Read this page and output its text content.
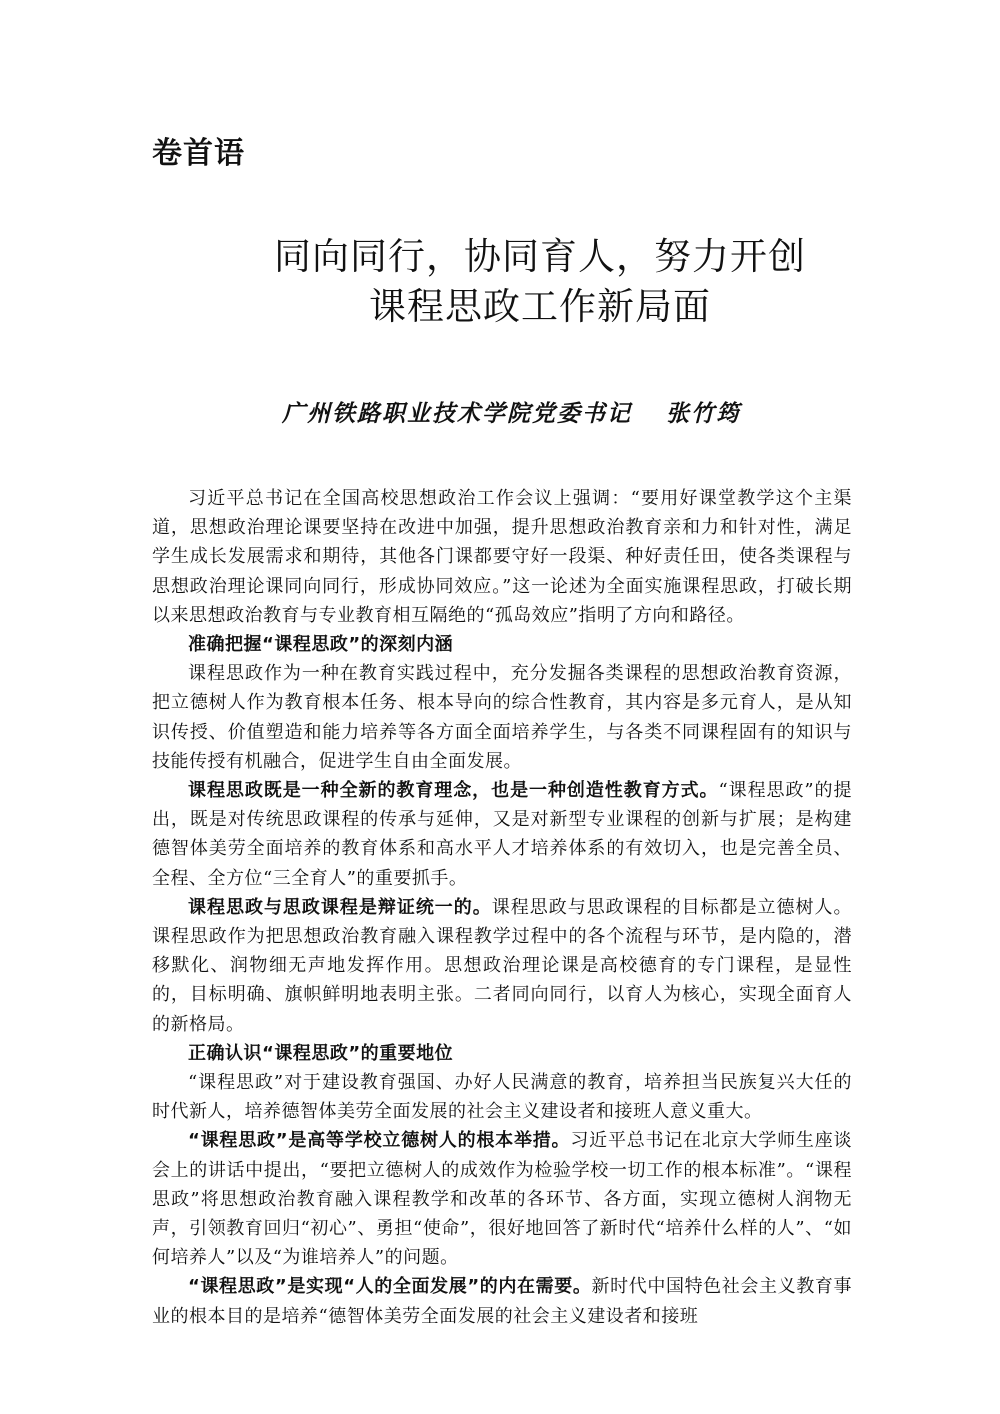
卷首语
同向同行，协同育人，努力开创
课程思政工作新局面
广州铁路职业技术学院党委书记 张竹筠

习近平总书记在全国高校思想政治工作会议上强调：“要用好课堂教学这个主渠道，思想政治理论课要坚持在改进中加强，提升思想政治教育亲和力和针对性，满足学生成长发展需求和期待，其他各门课都要守好一段渠、种好责任田，使各类课程与思想政治理论课同向同行，形成协同效应。”这一论述为全面实施课程思政，打破长期以来思想政治教育与专业教育相互隔绝的“孤岛效应”指明了方向和路径。

准确把握“课程思政”的深刻内涵

课程思政作为一种在教育实践过程中，充分发掘各类课程的思想政治教育资源，把立德树人作为教育根本任务、根本导向的综合性教育，其内容是多元育人，是从知识传授、价值塑造和能力培养等各方面全面培养学生，与各类不同课程固有的知识与技能传授有机融合，促进学生自由全面发展。

课程思政既是一种全新的教育理念，也是一种创造性教育方式。“课程思政”的提出，既是对传统思政课程的传承与延伸，又是对新型专业课程的创新与扩展；是构建德智体美劳全面培养的教育体系和高水平人才培养体系的有效切入，也是完善全员、全程、全方位“三全育人”的重要抓手。

课程思政与思政课程是辩证统一的。课程思政与思政课程的目标都是立德树人。课程思政作为把思想政治教育融入课程教学过程中的各个流程与环节，是内隐的，潜移默化、润物细无声地发挥作用。思想政治理论课是高校德育的专门课程，是显性的，目标明确、旗帜鲜明地表明主张。二者同向同行，以育人为核心，实现全面育人的新格局。

正确认识“课程思政”的重要地位

“课程思政”对于建设教育强国、办好人民满意的教育，培养担当民族复兴大任的时代新人，培养德智体美劳全面发展的社会主义建设者和接班人意义重大。

“课程思政”是高等学校立德树人的根本举措。习近平总书记在北京大学师生座谈会上的讲话中提出，“要把立德树人的成效作为检验学校一切工作的根本标准”。“课程思政”将思想政治教育融入课程教学和改革的各环节、各方面，实现立德树人润物无声，引领教育回归“初心”、勇担“使命”，很好地回答了新时代“培养什么样的人”、“如何培养人”以及“为谁培养人”的问题。

“课程思政”是实现“人的全面发展”的内在需要。新时代中国特色社会主义教育事业的根本目的是培养“德智体美劳全面发展的社会主义建设者和接班
